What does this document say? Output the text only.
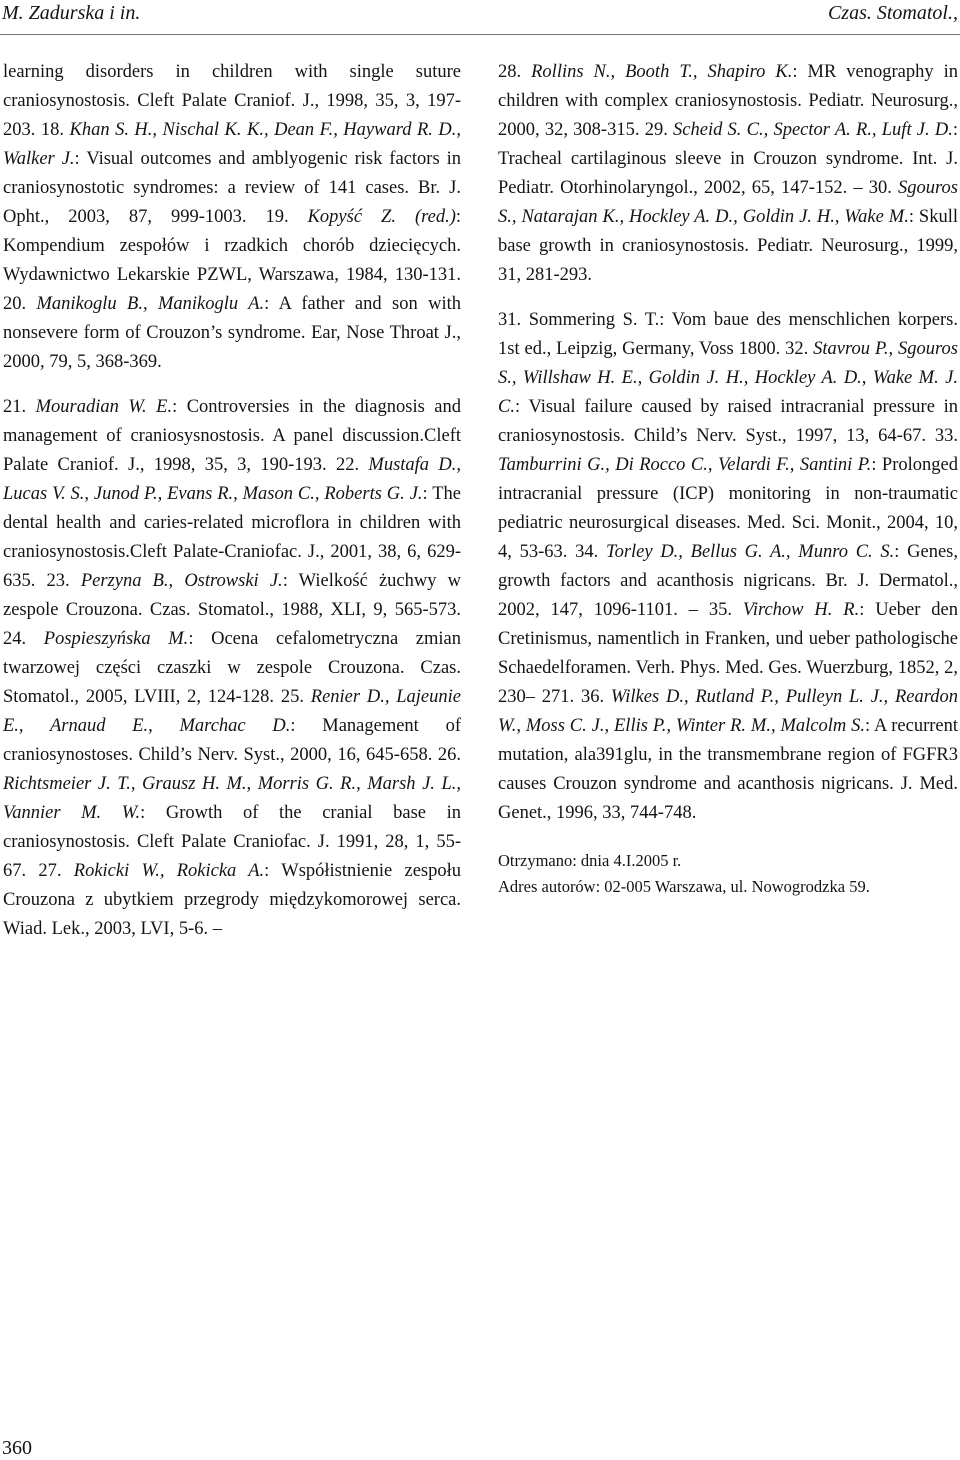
M. Zadurska i in.	Czas. Stomatol.,

learning disorders in children with single suture craniosynostosis. Cleft Palate Craniof. J., 1998, 35, 3, 197-203. 18. Khan S. H., Nischal K. K., Dean F., Hayward R. D., Walker J.: Visual outcomes and amblyogenic risk factors in craniosynostotic syndromes: a review of 141 cases. Br. J. Opht., 2003, 87, 999-1003. 19. Kopyść Z. (red.): Kompendium zespołów i rzadkich chorób dziecięcych. Wydawnictwo Lekarskie PZWL, Warszawa, 1984, 130-131. 20. Manikoglu B., Manikoglu A.: A father and son with nonsevere form of Crouzon’s syndrome. Ear, Nose Throat J., 2000, 79, 5, 368-369.

21. Mouradian W. E.: Controversies in the diagnosis and management of craniosysnostosis. A panel discussion.Cleft Palate Craniof. J., 1998, 35, 3, 190-193. 22. Mustafa D., Lucas V. S., Junod P., Evans R., Mason C., Roberts G. J.: The dental health and caries-related microflora in children with craniosynostosis.Cleft Palate-Craniofac. J., 2001, 38, 6, 629-635. 23. Perzyna B., Ostrowski J.: Wielkość żuchwy w zespole Crouzona. Czas. Stomatol., 1988, XLI, 9, 565-573. 24. Pospieszyńska M.: Ocena cefalometryczna zmian twarzowej części czaszki w zespole Crouzona. Czas. Stomatol., 2005, LVIII, 2, 124-128. 25. Renier D., Lajeunie E., Arnaud E., Marchac D.: Management of craniosynostoses. Child’s Nerv. Syst., 2000, 16, 645-658. 26. Richtsmeier J. T., Grausz H. M., Morris G. R., Marsh J. L., Vannier M. W.: Growth of the cranial base in craniosynostosis. Cleft Palate Craniofac. J. 1991, 28, 1, 55-67. 27. Rokicki W., Rokicka A.: Współistnienie zespołu Crouzona z ubytkiem przegrody międzykomorowej serca. Wiad. Lek., 2003, LVI, 5-6. –

28. Rollins N., Booth T., Shapiro K.: MR venography in children with complex craniosynostosis. Pediatr. Neurosurg., 2000, 32, 308-315. 29. Scheid S. C., Spector A. R., Luft J. D.: Tracheal cartilaginous sleeve in Crouzon syndrome. Int. J. Pediatr. Otorhinolaryngol., 2002, 65, 147-152. – 30. Sgouros S., Natarajan K., Hockley A. D., Goldin J. H., Wake M.: Skull base growth in craniosynostosis. Pediatr. Neurosurg., 1999, 31, 281-293.

31. Sommering S. T.: Vom baue des menschlichen korpers. 1st ed., Leipzig, Germany, Voss 1800. 32. Stavrou P., Sgouros S., Willshaw H. E., Goldin J. H., Hockley A. D., Wake M. J. C.: Visual failure caused by raised intracranial pressure in craniosynostosis. Child’s Nerv. Syst., 1997, 13, 64-67. 33. Tamburrini G., Di Rocco C., Velardi F., Santini P.: Prolonged intracranial pressure (ICP) monitoring in non-traumatic pediatric neurosurgical diseases. Med. Sci. Monit., 2004, 10, 4, 53-63. 34. Torley D., Bellus G. A., Munro C. S.: Genes, growth factors and acanthosis nigricans. Br. J. Dermatol., 2002, 147, 1096-1101. – 35. Virchow H. R.: Ueber den Cretinismus, namentlich in Franken, und ueber pathologische Schaedelforamen. Verh. Phys. Med. Ges. Wuerzburg, 1852, 2, 230– 271. 36. Wilkes D., Rutland P., Pulleyn L. J., Reardon W., Moss C. J., Ellis P., Winter R. M., Malcolm S.: A recurrent mutation, ala391glu, in the transmembrane region of FGFR3 causes Crouzon syndrome and acanthosis nigricans. J. Med. Genet., 1996, 33, 744-748.

Otrzymano: dnia 4.I.2005 r.
Adres autorów: 02-005 Warszawa, ul. Nowogrodzka 59.
360
